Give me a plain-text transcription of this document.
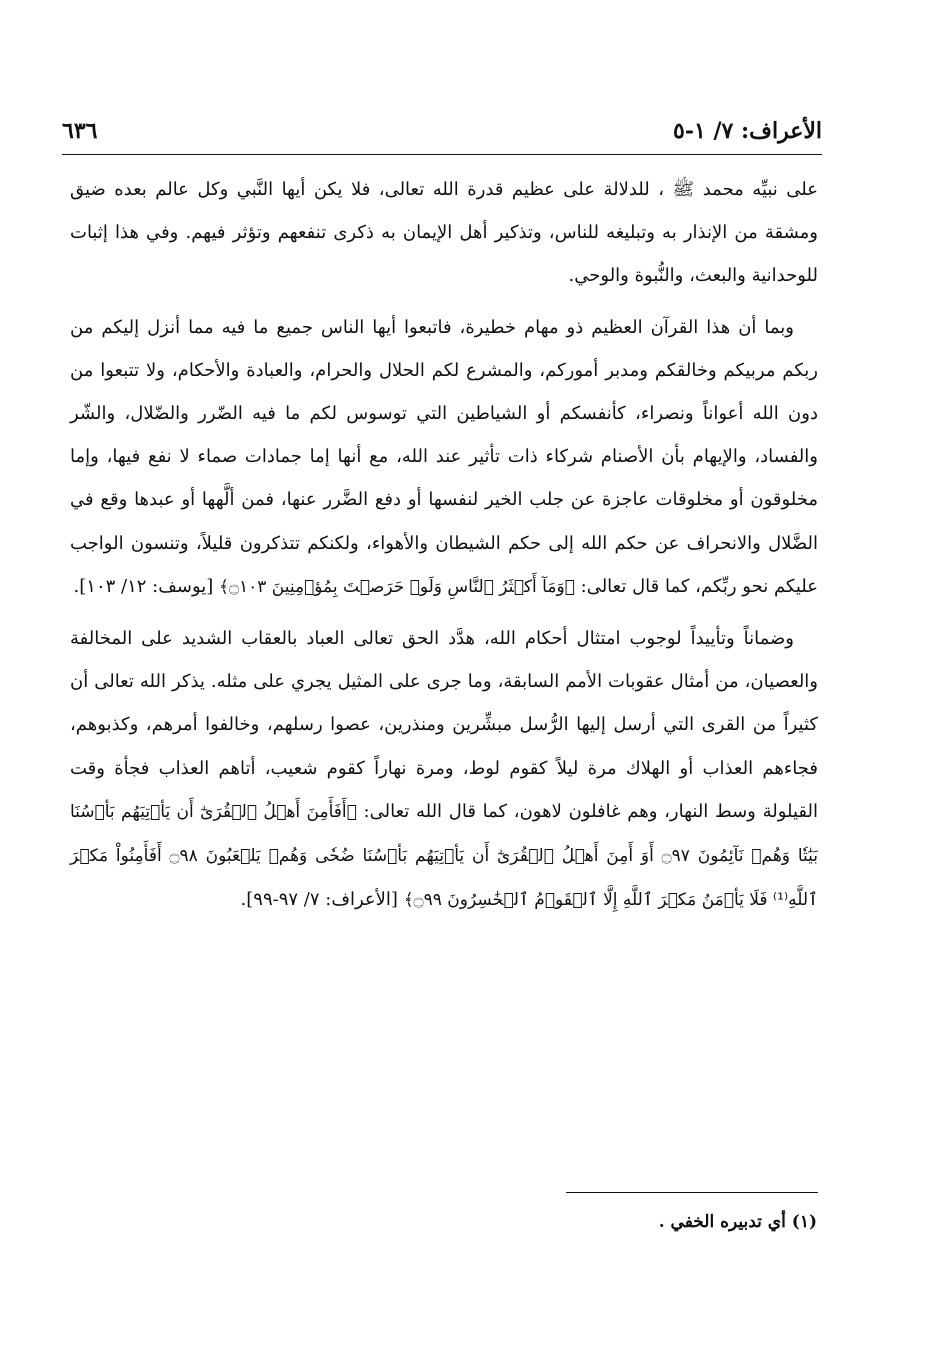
الأعراف: ٧/ ١-٥
٦٣٦

على نبيِّه محمد ﷺ ، للدلالة على عظيم قدرة الله تعالى، فلا يكن أيها النَّبي وكل عالم بعده ضيق ومشقة من الإنذار به وتبليغه للناس، وتذكير أهل الإيمان به ذكرى تنفعهم وتؤثر فيهم. وفي هذا إثبات للوحدانية والبعث، والنُّبوة والوحي.

وبما أن هذا القرآن العظيم ذو مهام خطيرة، فاتبعوا أيها الناس جميع ما فيه مما أنزل إليكم من ربكم مربيكم وخالقكم ومدبر أموركم، والمشرع لكم الحلال والحرام، والعبادة والأحكام، ولا تتبعوا من دون الله أعواناً ونصراء، كأنفسكم أو الشياطين التي توسوس لكم ما فيه الضّرر والضّلال، والشّر والفساد، والإيهام بأن الأصنام شركاء ذات تأثير عند الله، مع أنها إما جمادات صماء لا نفع فيها، وإما مخلوقون أو مخلوقات عاجزة عن جلب الخير لنفسها أو دفع الضَّرر عنها، فمن ألَّهها أو عبدها وقع في الضَّلال والانحراف عن حكم الله إلى حكم الشيطان والأهواء، ولكنكم تتذكرون قليلاً، وتنسون الواجب عليكم نحو ربِّكم، كما قال تعالى: ﴿وَمَآ أَكۡثَرُ ٱلنَّاسِ وَلَوۡ حَرَصۡتَ بِمُؤۡمِنِينَ ۝١٠٣﴾ [يوسف: ١٢/ ١٠٣].

وضماناً وتأييداً لوجوب امتثال أحكام الله، هدَّد الحق تعالى العباد بالعقاب الشديد على المخالفة والعصيان، من أمثال عقوبات الأمم السابقة، وما جرى على المثيل يجري على مثله. يذكر الله تعالى أن كثيراً من القرى التي أرسل إليها الرُّسل مبشِّرين ومنذرين، عصوا رسلهم، وخالفوا أمرهم، وكذبوهم، فجاءهم العذاب أو الهلاك مرة ليلاً كقوم لوط، ومرة نهاراً كقوم شعيب، أتاهم العذاب فجأة وقت القيلولة وسط النهار، وهم غافلون لاهون، كما قال الله تعالى: ﴿أَفَأَمِنَ أَهۡلُ ٱلۡقُرَىٰٓ أَن يَأۡتِيَهُم بَأۡسُنَا بَيَٰتٗا وَهُمۡ نَآئِمُونَ ۝٩٧ أَوَ أَمِنَ أَهۡلُ ٱلۡقُرَىٰٓ أَن يَأۡتِيَهُم بَأۡسُنَا ضُحٗى وَهُمۡ يَلۡعَبُونَ ۝٩٨ أَفَأَمِنُواْ مَكۡرَ ٱللَّهِ⁽¹⁾ فَلَا يَأۡمَنُ مَكۡرَ ٱللَّهِ إِلَّا ٱلۡقَوۡمُ ٱلۡخَٰسِرُونَ ۝٩٩﴾ [الأعراف: ٧/ ٩٧-٩٩].

(١) أي تدبيره الخفي .
